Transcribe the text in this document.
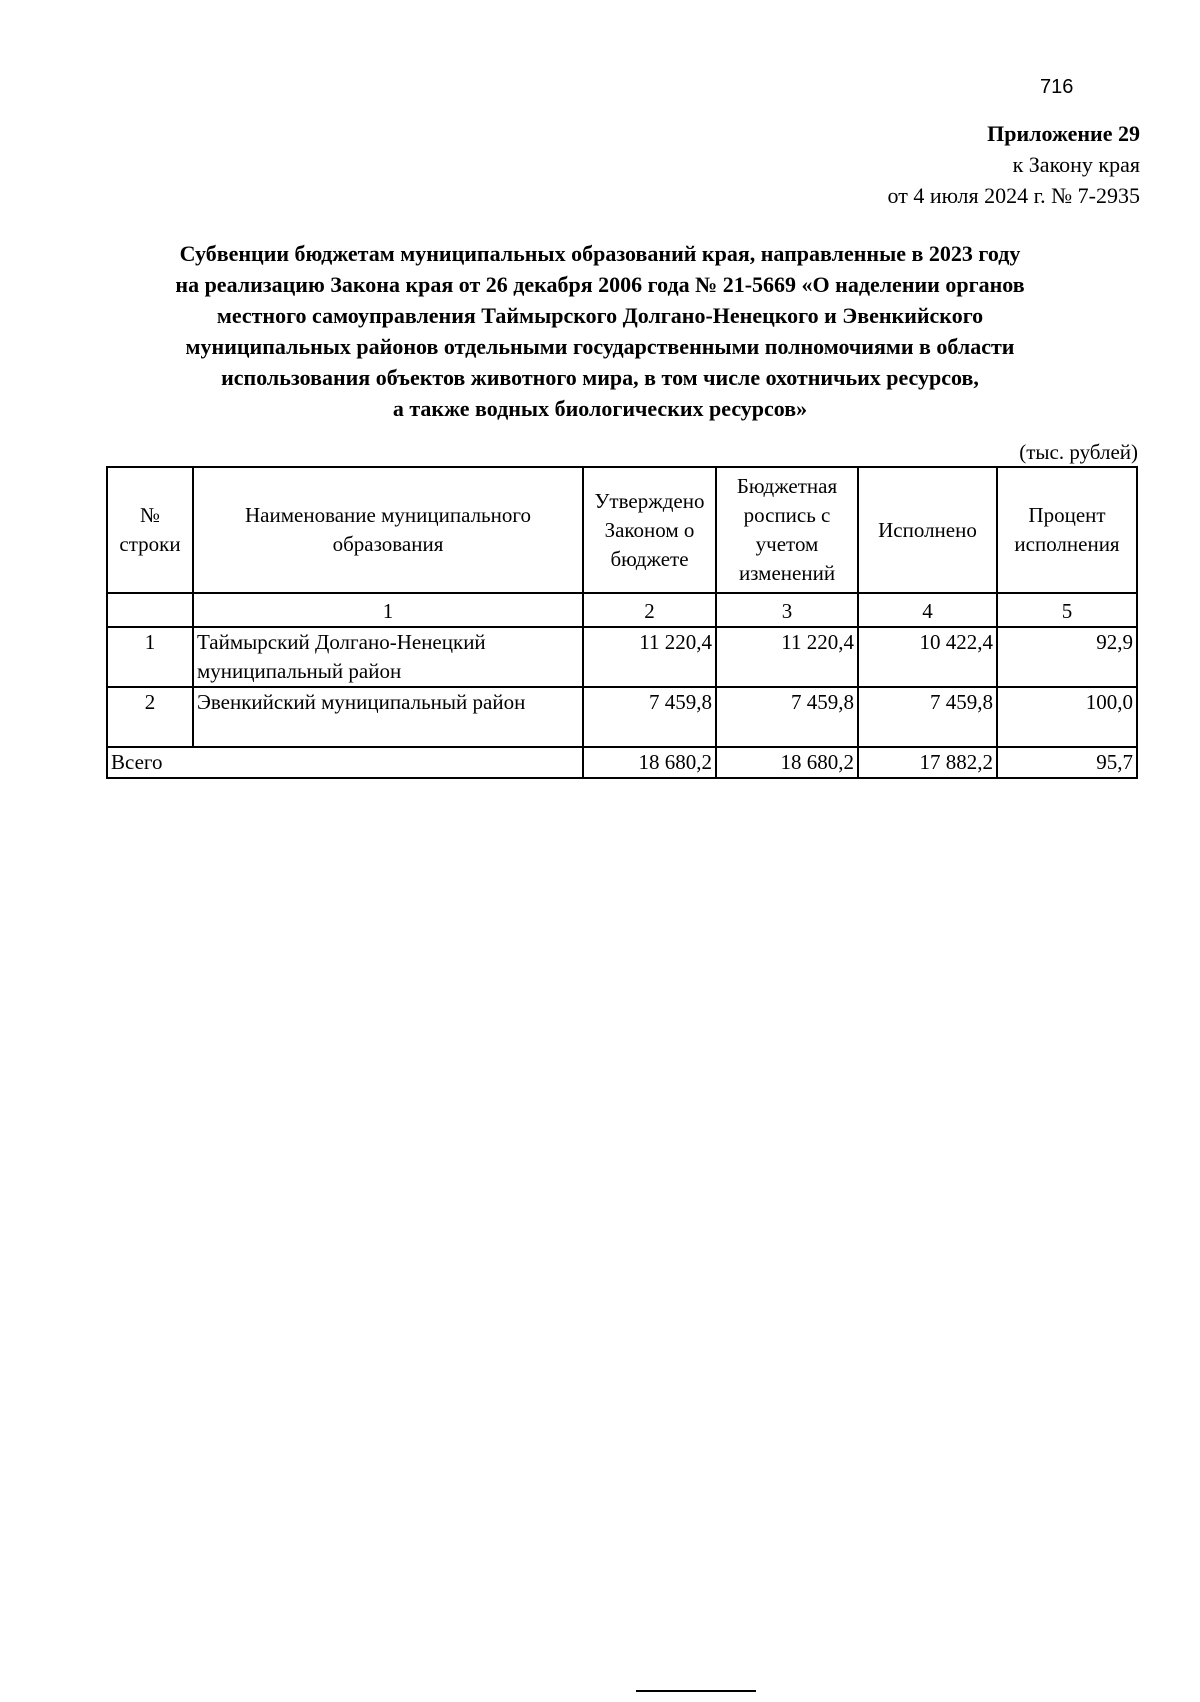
716
Приложение 29
к Закону края
от 4 июля 2024 г. № 7-2935
Субвенции бюджетам муниципальных образований края, направленные в 2023 году
на реализацию Закона края от 26 декабря 2006 года № 21-5669 «О наделении органов
местного самоуправления Таймырского Долгано-Ненецкого и Эвенкийского
муниципальных районов отдельными государственными полномочиями в области
использования объектов животного мира, в том числе охотничьих ресурсов,
а также водных биологических ресурсов»
(тыс. рублей)
№ строки	Наименование муниципального образования	Утверждено Законом о бюджете	Бюджетная роспись с учетом изменений	Исполнено	Процент исполнения
	1	2	3	4	5
1	Таймырский Долгано-Ненецкий муниципальный район	11 220,4	11 220,4	10 422,4	92,9
2	Эвенкийский муниципальный район	7 459,8	7 459,8	7 459,8	100,0
Всего		18 680,2	18 680,2	17 882,2	95,7
